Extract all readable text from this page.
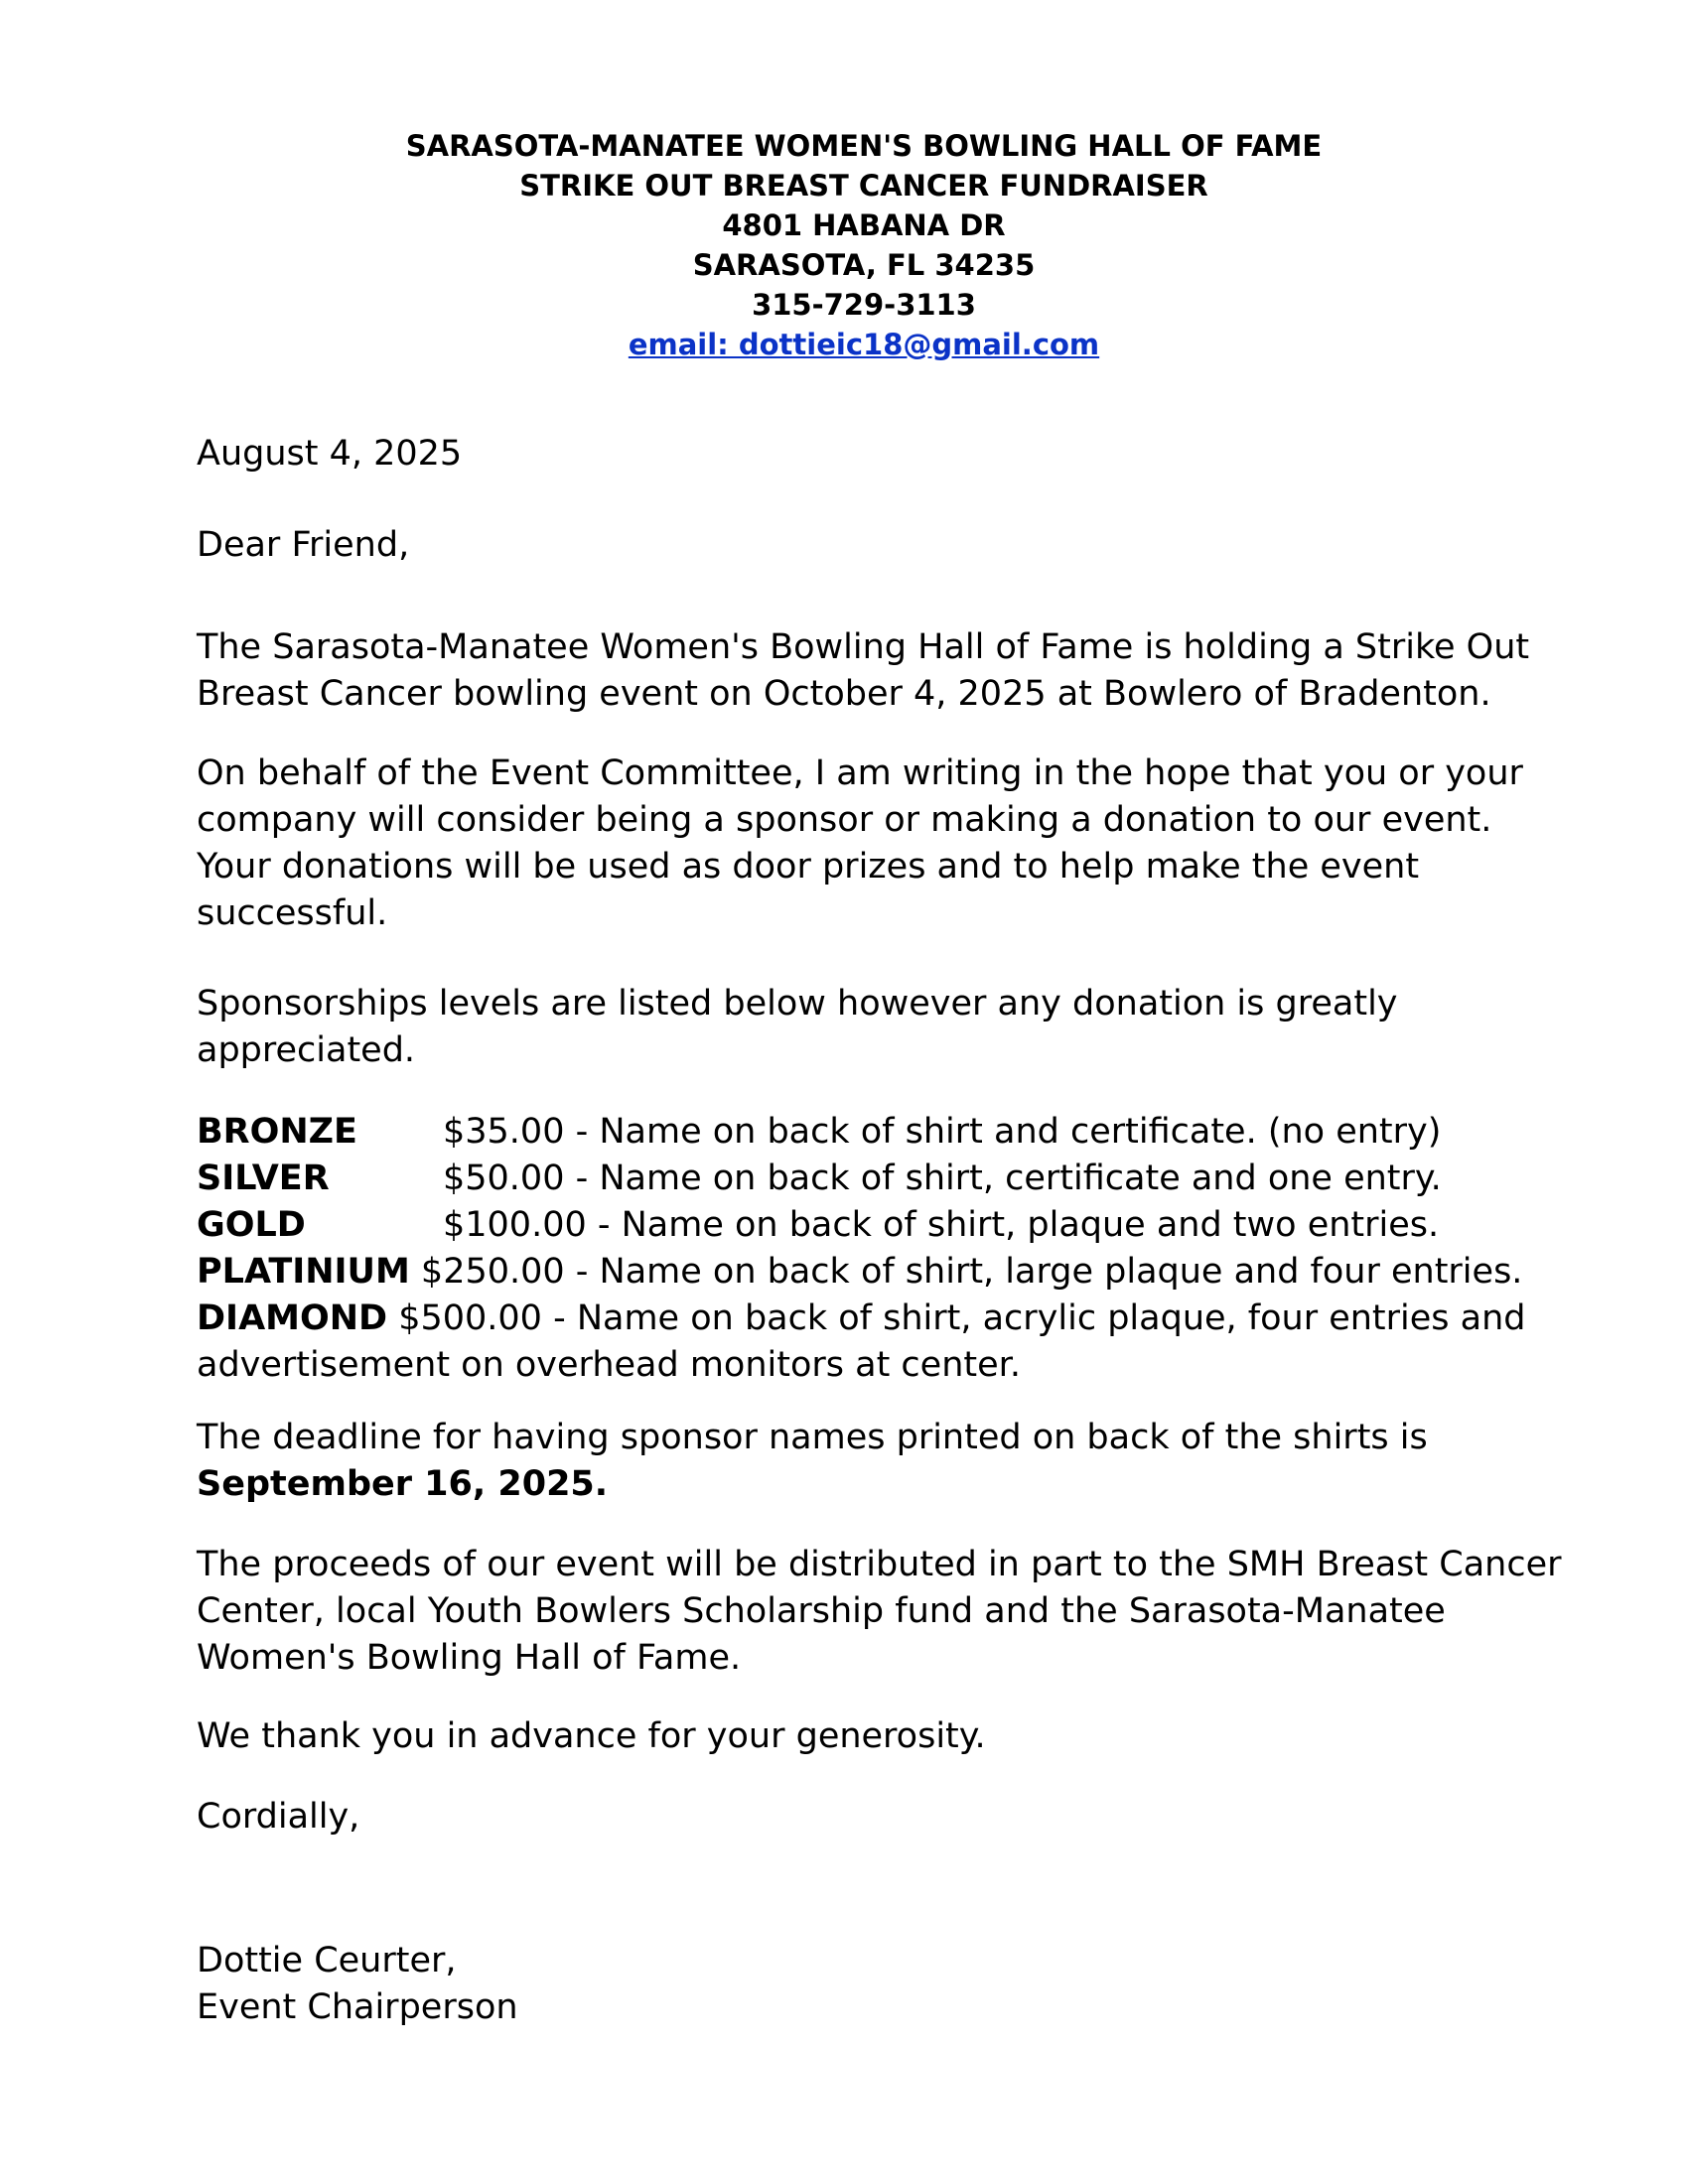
SARASOTA-MANATEE WOMEN'S BOWLING HALL OF FAME
STRIKE OUT BREAST CANCER FUNDRAISER
4801 HABANA DR
SARASOTA, FL 34235
315-729-3113
email: dottieic18@gmail.com
August 4, 2025
Dear Friend,
The Sarasota-Manatee Women's Bowling Hall of Fame is holding a Strike Out
Breast Cancer bowling event on October 4, 2025 at Bowlero of Bradenton.
On behalf of the Event Committee, I am writing in the hope that you or your
company will consider being a sponsor or making a donation to our event.
Your donations will be used as door prizes and to help make the event
successful.
Sponsorships levels are listed below however any donation is greatly
appreciated.
BRONZE $35.00 - Name on back of shirt and certificate. (no entry)
SILVER	$50.00 - Name on back of shirt, certificate and one entry.
GOLD	$100.00 - Name on back of shirt, plaque and two entries.
PLATINIUM $250.00 - Name on back of shirt, large plaque and four entries.
DIAMOND $500.00 - Name on back of shirt, acrylic plaque, four entries and
advertisement on overhead monitors at center.
The deadline for having sponsor names printed on back of the shirts is
September 16, 2025.
The proceeds of our event will be distributed in part to the SMH Breast Cancer
Center, local Youth Bowlers Scholarship fund and the Sarasota-Manatee
Women's Bowling Hall of Fame.
We thank you in advance for your generosity.
Cordially,
Dottie Ceurter,
Event Chairperson
